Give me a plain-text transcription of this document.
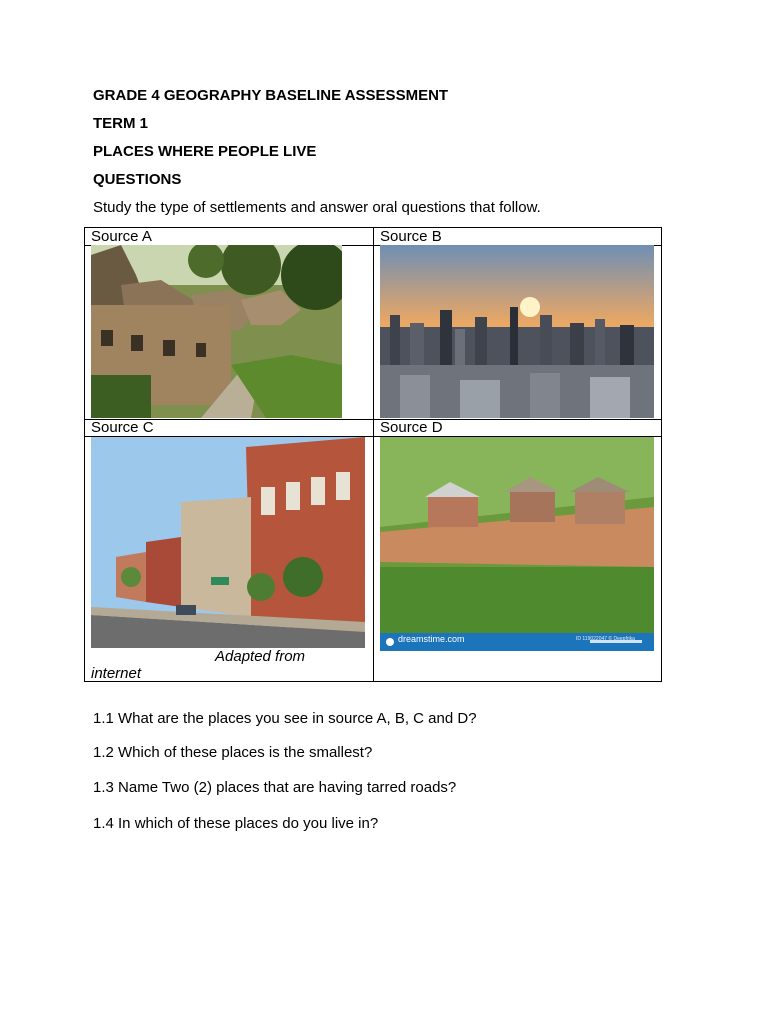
GRADE 4 GEOGRAPHY BASELINE ASSESSMENT
TERM 1
PLACES WHERE PEOPLE LIVE
QUESTIONS
Study the type of settlements and answer oral questions that follow.
Source A	Source B
Source C	Source D
dreamstime.com	ID 119022047 © Deepfrika
Adapted from
internet
1.1 What are the places you see in source A, B, C and D?
1.2 Which of these places is the smallest?
1.3 Name Two (2) places that are having tarred roads?
1.4 In which of these places do you live in?
